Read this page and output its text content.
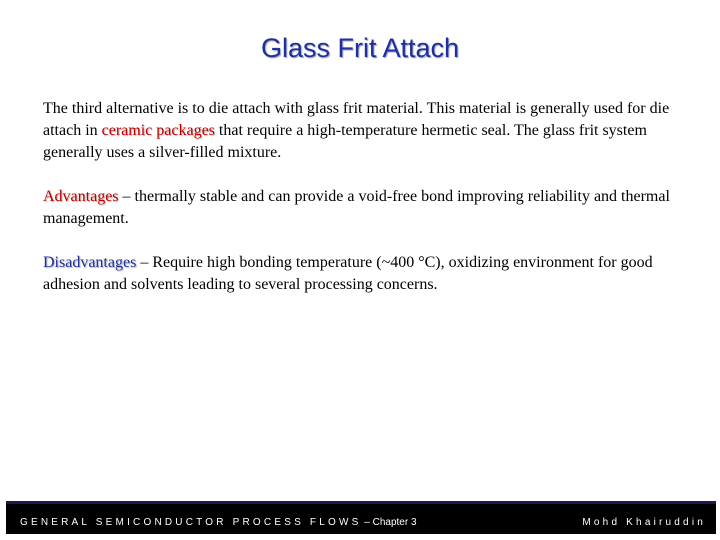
Glass Frit Attach
The third alternative is to die attach with glass frit material. This material is generally used for die attach in ceramic packages that require a high-temperature hermetic seal. The glass frit system generally uses a silver-filled mixture.
Advantages – thermally stable and can provide a void-free bond improving reliability and thermal management.
Disadvantages – Require high bonding temperature (~400 °C), oxidizing environment for good adhesion and solvents leading to several processing concerns.
GENERAL SEMICONDUCTOR PROCESS FLOWS – Chapter 3	Mohd Khairuddin
